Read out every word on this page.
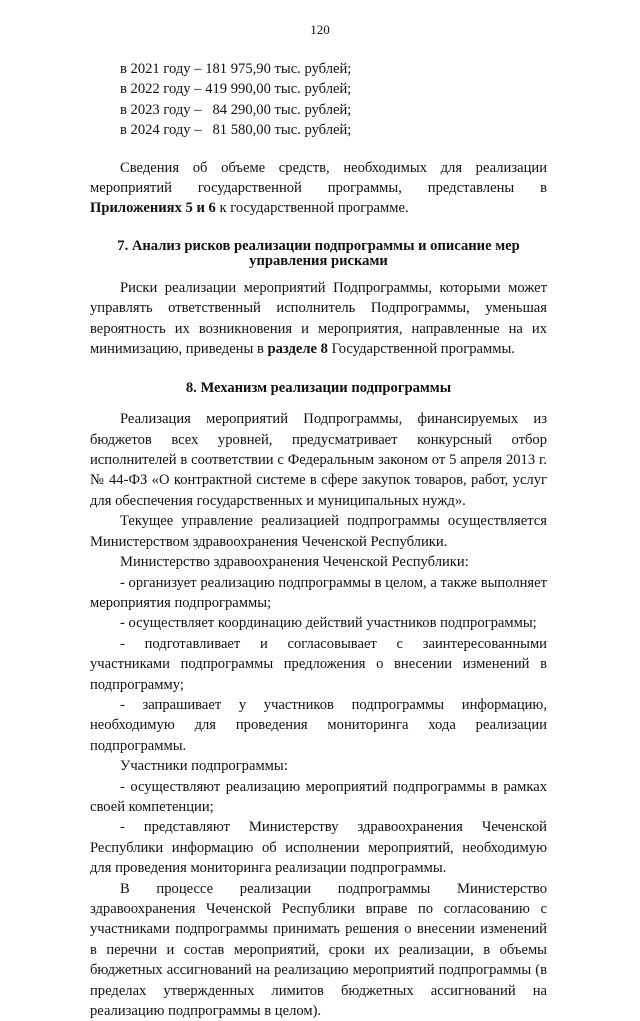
120
в 2021 году – 181 975,90 тыс. рублей;
в 2022 году – 419 990,00 тыс. рублей;
в 2023 году –   84 290,00 тыс. рублей;
в 2024 году –   81 580,00 тыс. рублей;

Сведения об объеме средств, необходимых для реализации мероприятий государственной программы, представлены в Приложениях 5 и 6 к государственной программе.

7. Анализ рисков реализации подпрограммы и описание мер управления рисками

Риски реализации мероприятий Подпрограммы, которыми может управлять ответственный исполнитель Подпрограммы, уменьшая вероятность их возникновения и мероприятия, направленные на их минимизацию, приведены в разделе 8 Государственной программы.

8. Механизм реализации подпрограммы

Реализация мероприятий Подпрограммы, финансируемых из бюджетов всех уровней, предусматривает конкурсный отбор исполнителей в соответствии с Федеральным законом от 5 апреля 2013 г. № 44-ФЗ «О контрактной системе в сфере закупок товаров, работ, услуг для обеспечения государственных и муниципальных нужд».

Текущее управление реализацией подпрограммы осуществляется Министерством здравоохранения Чеченской Республики.

Министерство здравоохранения Чеченской Республики:

- организует реализацию подпрограммы в целом, а также выполняет мероприятия подпрограммы;
- осуществляет координацию действий участников подпрограммы;
- подготавливает и согласовывает с заинтересованными участниками подпрограммы предложения о внесении изменений в подпрограмму;
- запрашивает у участников подпрограммы информацию, необходимую для проведения мониторинга хода реализации подпрограммы.

Участники подпрограммы:

- осуществляют реализацию мероприятий подпрограммы в рамках своей компетенции;
- представляют Министерству здравоохранения Чеченской Республики информацию об исполнении мероприятий, необходимую для проведения мониторинга реализации подпрограммы.

В процессе реализации подпрограммы Министерство здравоохранения Чеченской Республики вправе по согласованию с участниками подпрограммы принимать решения о внесении изменений в перечни и состав мероприятий, сроки их реализации, в объемы бюджетных ассигнований на реализацию мероприятий подпрограммы (в пределах утвержденных лимитов бюджетных ассигнований на реализацию подпрограммы в целом).
